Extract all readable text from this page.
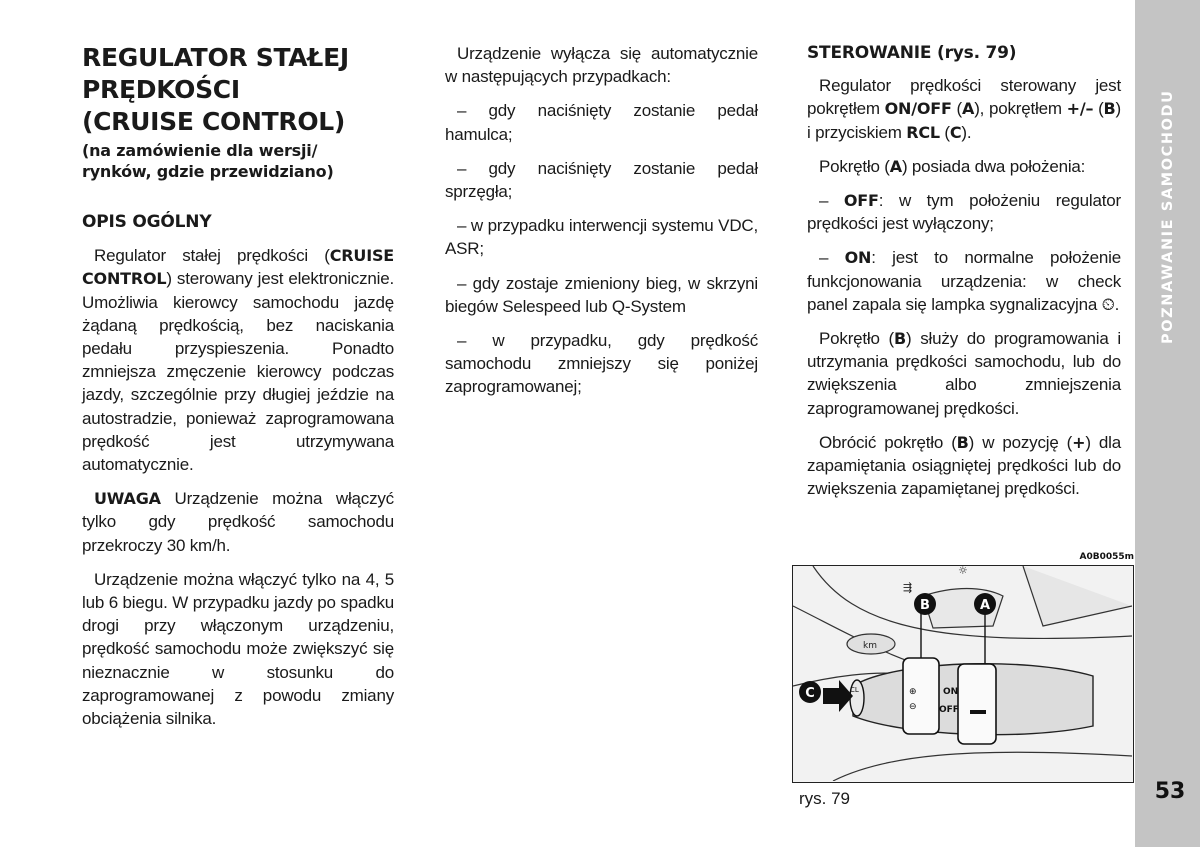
REGULATOR STAŁEJ
PRĘDKOŚCI
(CRUISE CONTROL)
(na zamówienie dla wersji/
rynków, gdzie przewidziano)
OPIS OGÓLNY

Regulator stałej prędkości (CRUISE CONTROL) sterowany jest elektronicznie. Umożliwia kierowcy samochodu jazdę żądaną prędkością, bez naciskania pedału przyspieszenia. Ponadto zmniejsza zmęczenie kierowcy podczas jazdy, szczególnie przy długiej jeździe na autostradzie, ponieważ zaprogramowana prędkość jest utrzymywana automatycznie.

UWAGA Urządzenie można włączyć tylko gdy prędkość samochodu przekroczy 30 km/h.

Urządzenie można włączyć tylko na 4, 5 lub 6 biegu. W przypadku jazdy po spadku drogi przy włączonym urządzeniu, prędkość samochodu może zwiększyć się nieznacznie w stosunku do zaprogramowanej z powodu zmiany obciążenia silnika.

Urządzenie wyłącza się automatycznie w następujących przypadkach:

– gdy naciśnięty zostanie pedał hamulca;

– gdy naciśnięty zostanie pedał sprzęgła;

– w przypadku interwencji systemu VDC, ASR;

– gdy zostaje zmieniony bieg, w skrzyni biegów Selespeed lub Q-System

– w przypadku, gdy prędkość samochodu zmniejszy się poniżej zaprogramowanej;

STEROWANIE (rys. 79)

Regulator prędkości sterowany jest pokrętłem ON/OFF (A), pokrętłem +/– (B) i przyciskiem RCL (C).

Pokrętło (A) posiada dwa położenia:

– OFF: w tym położeniu regulator prędkości jest wyłączony;

– ON: jest to normalne położenie funkcjonowania urządzenia: w check panel zapala się lampka sygnalizacyjna ⏲.

Pokrętło (B) służy do programowania i utrzymania prędkości samochodu, lub do zwiększenia albo zmniejszenia zaprogramowanej prędkości.

Obrócić pokrętło (B) w pozycję (+) dla zapamiętania osiągniętej prędkości lub do zwiększenia zapamiętanej prędkości.

A0B0055m
km
⇶
☼
⊕
⊖
ON
OFF
CL
B	A
C
rys. 79
POZNAWANIE SAMOCHODU
53
